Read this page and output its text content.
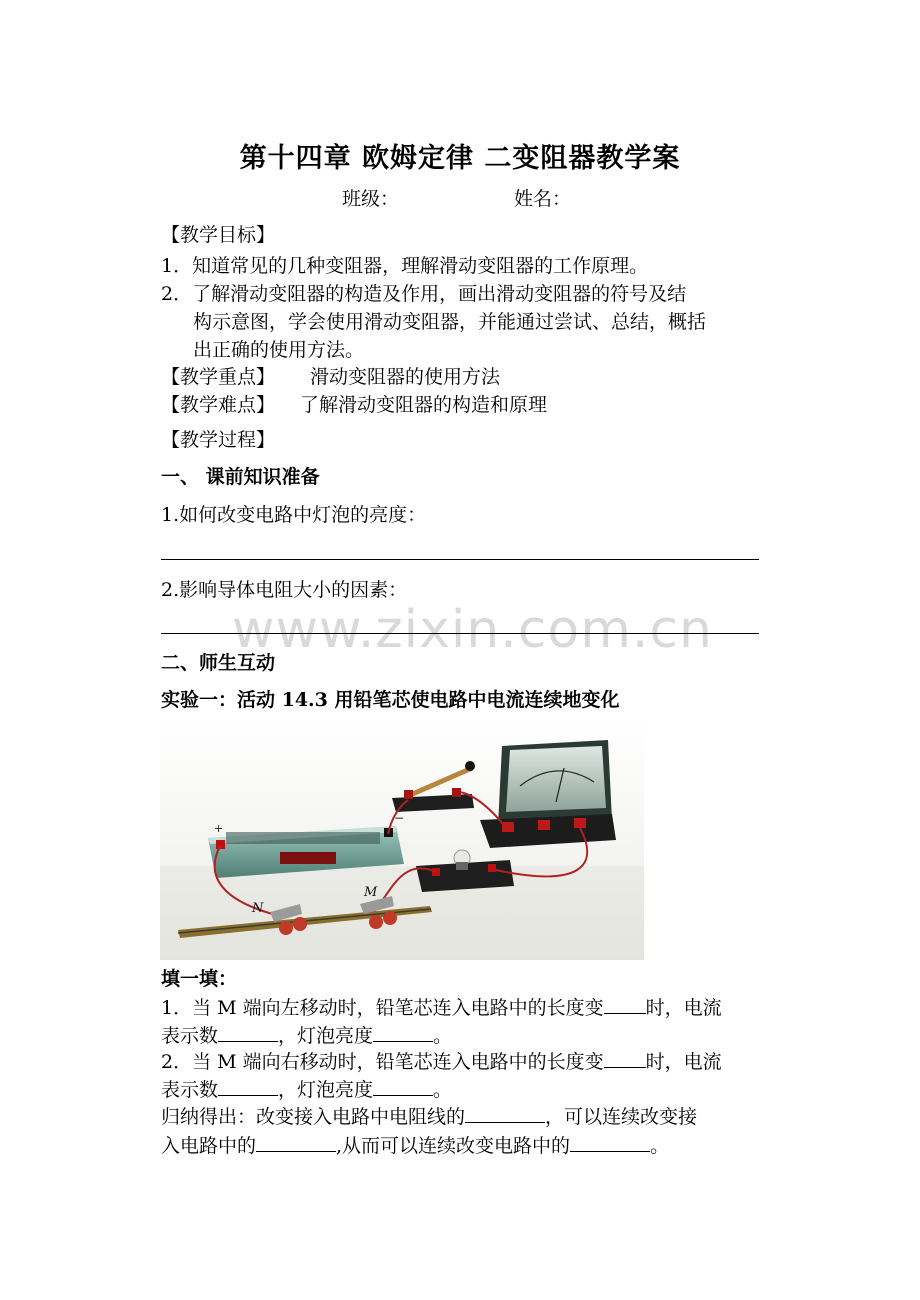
第十四章 欧姆定律 二变阻器教学案
班级：	姓名：
【教学目标】
1．知道常见的几种变阻器，理解滑动变阻器的工作原理。
2．了解滑动变阻器的构造及作用，画出滑动变阻器的符号及结
构示意图，学会使用滑动变阻器，并能通过尝试、总结，概括
出正确的使用方法。
【教学重点】 滑动变阻器的使用方法
【教学难点】 了解滑动变阻器的构造和原理
【教学过程】
一、 课前知识准备
1.如何改变电路中灯泡的亮度：
2.影响导体电阻大小的因素：
www.zixin.com.cn
二、师生互动
实验一：活动 14.3 用铅笔芯使电路中电流连续地变化
+
−
N
M
填一填：
1．当 M 端向左移动时，铅笔芯连入电路中的长度变 时，电流
表示数	，灯泡亮度	。
2．当 M 端向右移动时，铅笔芯连入电路中的长度变 时，电流
表示数	，灯泡亮度	。
归纳得出：改变接入电路中电阻线的	，可以连续改变接
入电路中的	,从而可以连续改变电路中的	。
